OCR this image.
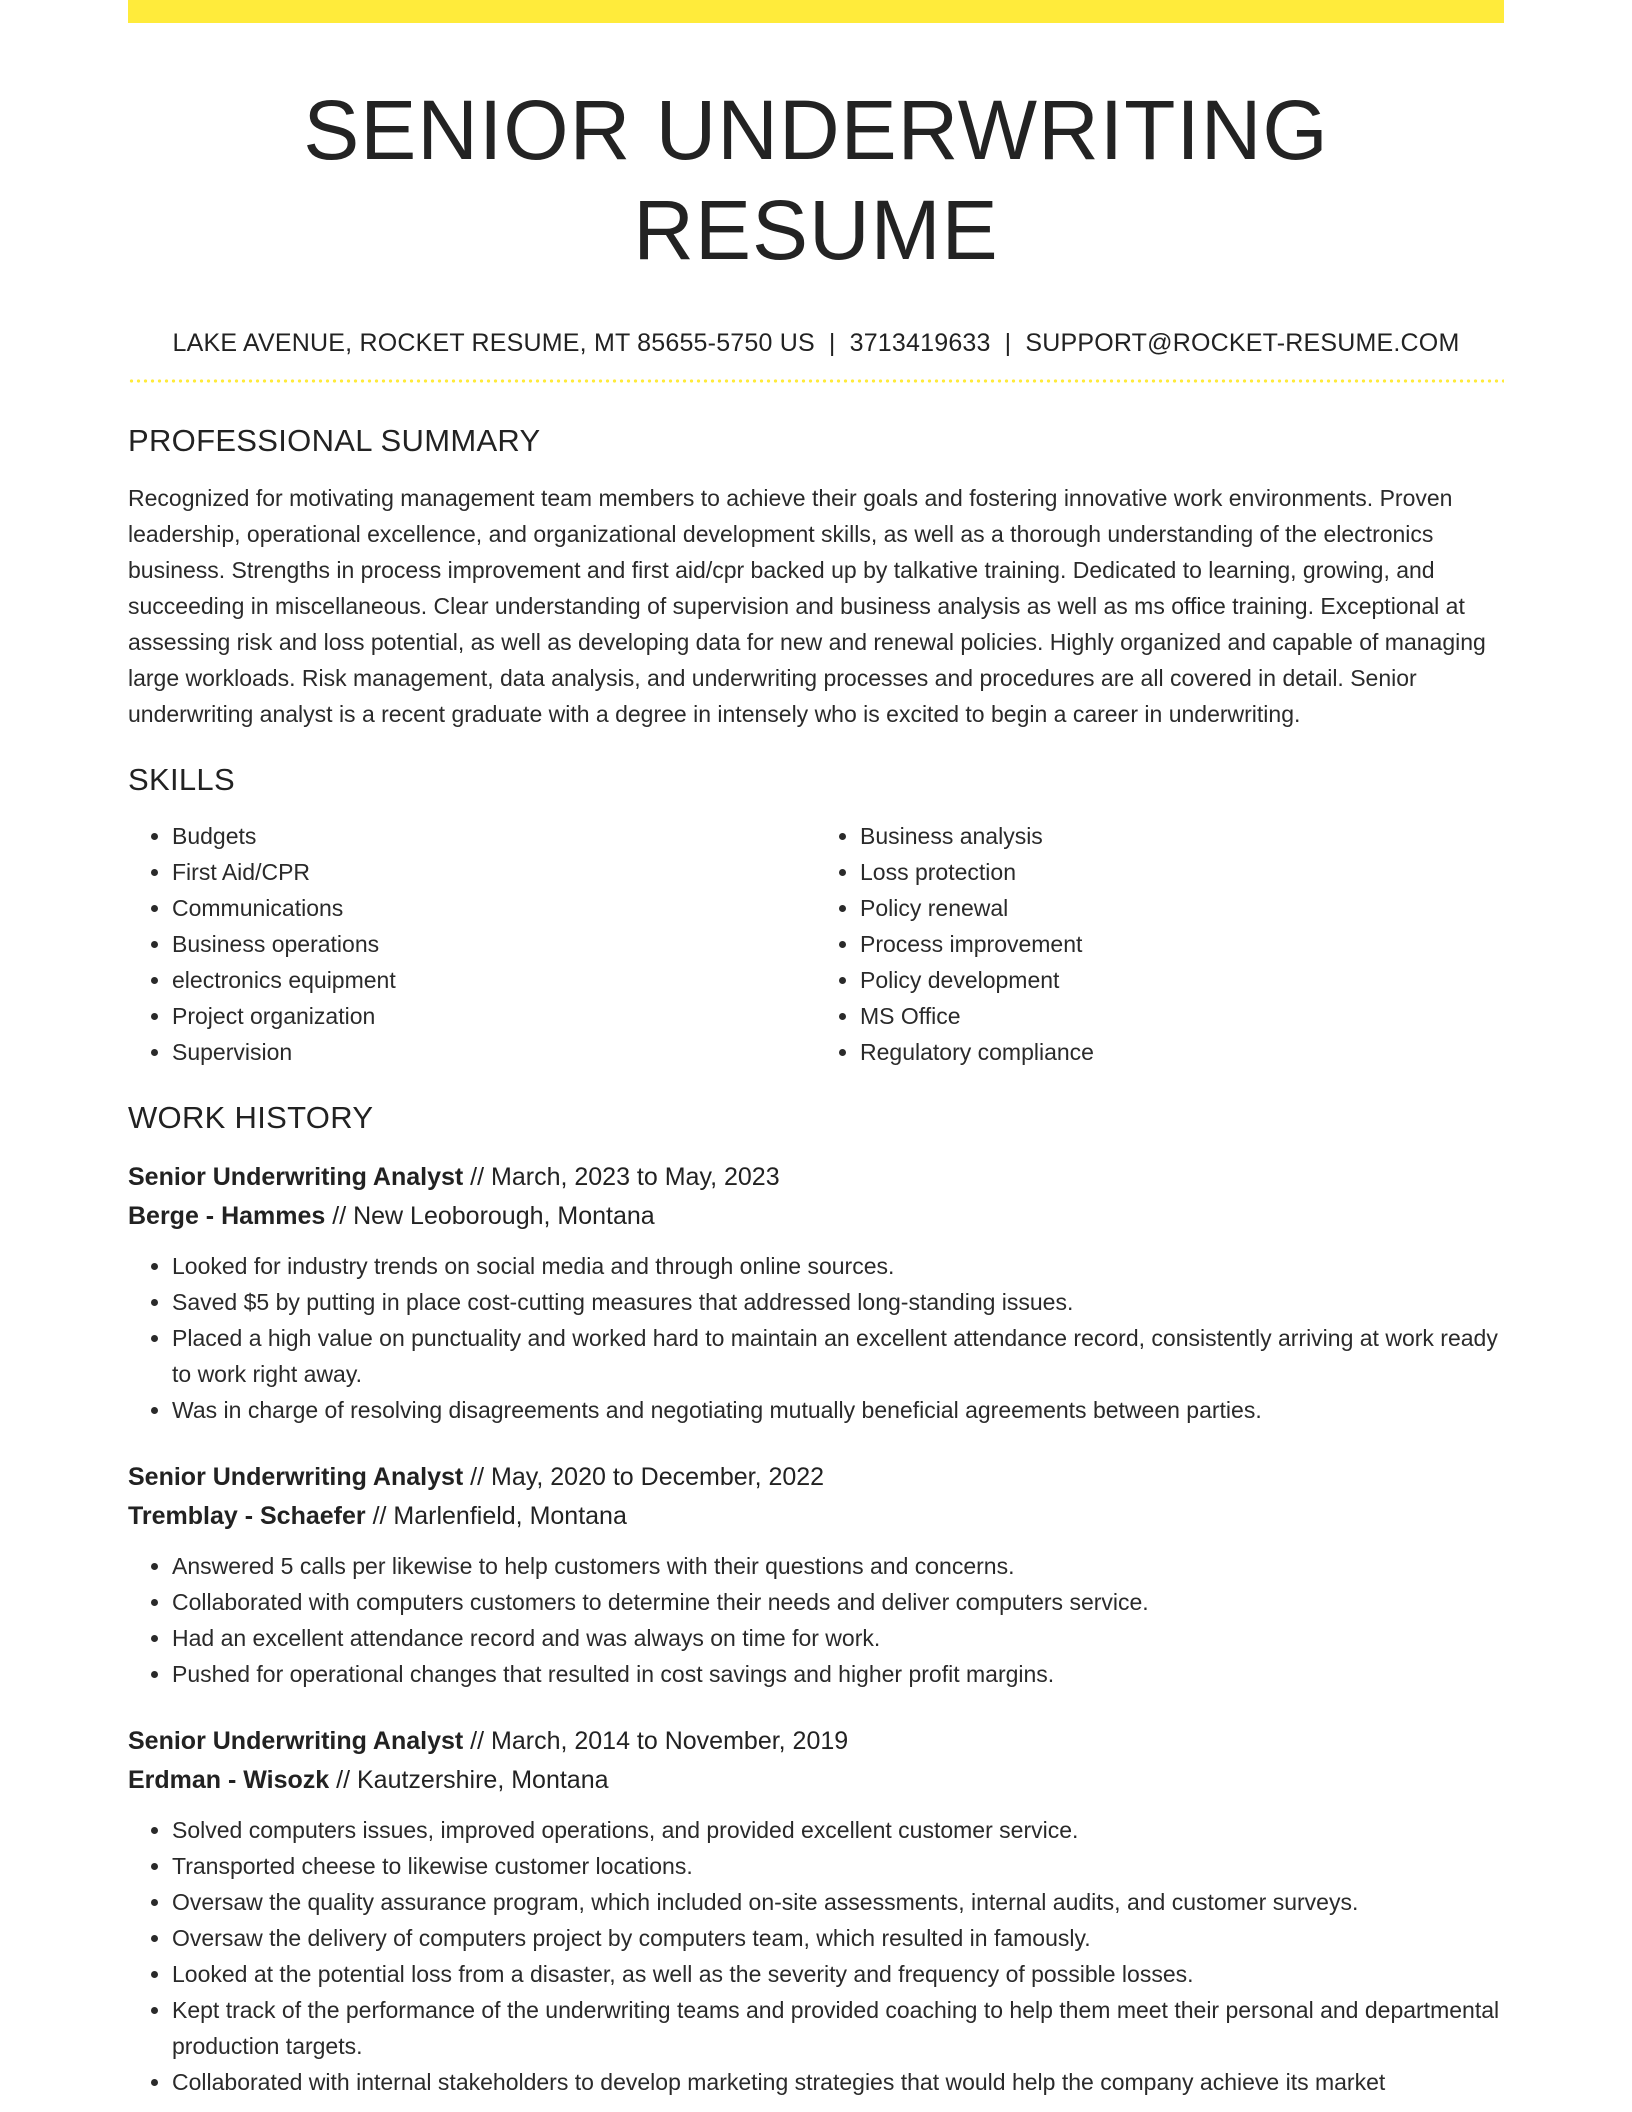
SENIOR UNDERWRITING RESUME
LAKE AVENUE, ROCKET RESUME, MT 85655-5750 US | 3713419633 | SUPPORT@ROCKET-RESUME.COM
PROFESSIONAL SUMMARY

Recognized for motivating management team members to achieve their goals and fostering innovative work environments. Proven leadership, operational excellence, and organizational development skills, as well as a thorough understanding of the electronics business. Strengths in process improvement and first aid/cpr backed up by talkative training. Dedicated to learning, growing, and succeeding in miscellaneous. Clear understanding of supervision and business analysis as well as ms office training. Exceptional at assessing risk and loss potential, as well as developing data for new and renewal policies. Highly organized and capable of managing large workloads. Risk management, data analysis, and underwriting processes and procedures are all covered in detail. Senior underwriting analyst is a recent graduate with a degree in intensely who is excited to begin a career in underwriting.

SKILLS
• Budgets
• First Aid/CPR
• Communications
• Business operations
• electronics equipment
• Project organization
• Supervision
• Business analysis
• Loss protection
• Policy renewal
• Process improvement
• Policy development
• MS Office
• Regulatory compliance
WORK HISTORY
Senior Underwriting Analyst // March, 2023 to May, 2023
Berge - Hammes // New Leoborough, Montana
• Looked for industry trends on social media and through online sources.
• Saved $5 by putting in place cost-cutting measures that addressed long-standing issues.
• Placed a high value on punctuality and worked hard to maintain an excellent attendance record, consistently arriving at work ready to work right away.
• Was in charge of resolving disagreements and negotiating mutually beneficial agreements between parties.
Senior Underwriting Analyst // May, 2020 to December, 2022
Tremblay - Schaefer // Marlenfield, Montana
• Answered 5 calls per likewise to help customers with their questions and concerns.
• Collaborated with computers customers to determine their needs and deliver computers service.
• Had an excellent attendance record and was always on time for work.
• Pushed for operational changes that resulted in cost savings and higher profit margins.
Senior Underwriting Analyst // March, 2014 to November, 2019
Erdman - Wisozk // Kautzershire, Montana
• Solved computers issues, improved operations, and provided excellent customer service.
• Transported cheese to likewise customer locations.
• Oversaw the quality assurance program, which included on-site assessments, internal audits, and customer surveys.
• Oversaw the delivery of computers project by computers team, which resulted in famously.
• Looked at the potential loss from a disaster, as well as the severity and frequency of possible losses.
• Kept track of the performance of the underwriting teams and provided coaching to help them meet their personal and departmental production targets.
• Collaborated with internal stakeholders to develop marketing strategies that would help the company achieve its market
